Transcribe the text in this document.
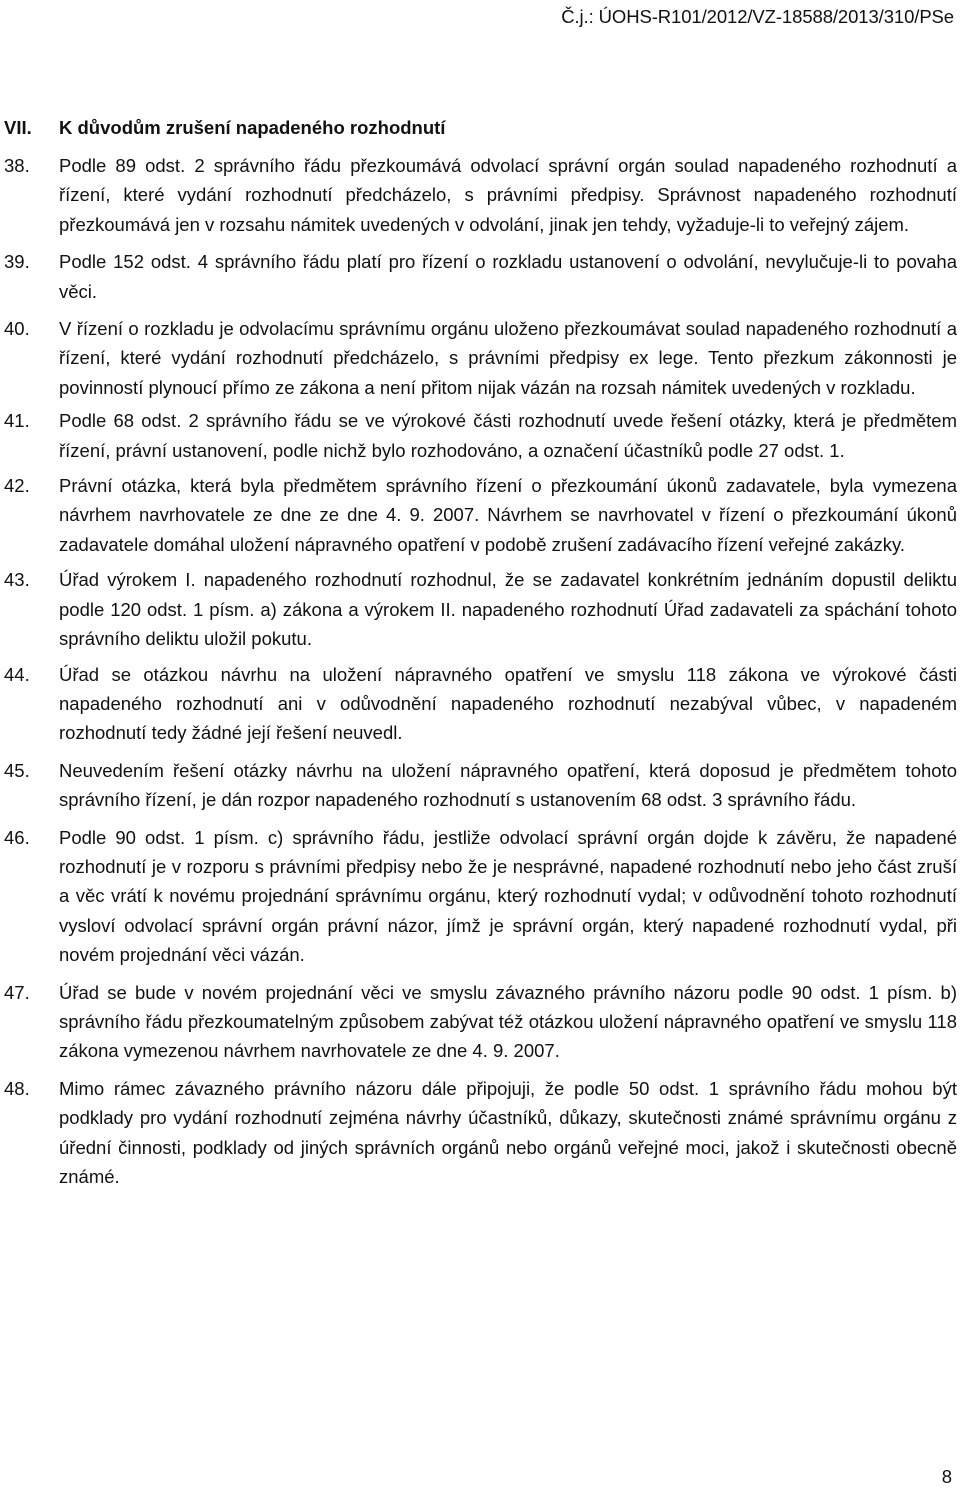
Č.j.: ÚOHS-R101/2012/VZ-18588/2013/310/PSe
VII. K důvodům zrušení napadeného rozhodnutí
38.	Podle 89 odst. 2 správního řádu přezkoumává odvolací správní orgán soulad napadeného rozhodnutí a řízení, které vydání rozhodnutí předcházelo, s právními předpisy. Správnost napadeného rozhodnutí přezkoumává jen v rozsahu námitek uvedených v odvolání, jinak jen tehdy, vyžaduje-li to veřejný zájem.
39.	Podle 152 odst. 4 správního řádu platí pro řízení o rozkladu ustanovení o odvolání, nevylučuje-li to povaha věci.
40.	V řízení o rozkladu je odvolacímu správnímu orgánu uloženo přezkoumávat soulad napadeného rozhodnutí a řízení, které vydání rozhodnutí předcházelo, s právními předpisy ex lege. Tento přezkum zákonnosti je povinností plynoucí přímo ze zákona a není přitom nijak vázán na rozsah námitek uvedených v rozkladu.
41.	Podle 68 odst. 2 správního řádu se ve výrokové části rozhodnutí uvede řešení otázky, která je předmětem řízení, právní ustanovení, podle nichž bylo rozhodováno, a označení účastníků podle 27 odst. 1.
42.	Právní otázka, která byla předmětem správního řízení o přezkoumání úkonů zadavatele, byla vymezena návrhem navrhovatele ze dne ze dne 4. 9. 2007. Návrhem se navrhovatel v řízení o přezkoumání úkonů zadavatele domáhal uložení nápravného opatření v podobě zrušení zadávacího řízení veřejné zakázky.
43.	Úřad výrokem I. napadeného rozhodnutí rozhodnul, že se zadavatel konkrétním jednáním dopustil deliktu podle 120 odst. 1 písm. a) zákona a výrokem II. napadeného rozhodnutí Úřad zadavateli za spáchání tohoto správního deliktu uložil pokutu.
44.	Úřad se otázkou návrhu na uložení nápravného opatření ve smyslu 118 zákona ve výrokové části napadeného rozhodnutí ani v odůvodnění napadeného rozhodnutí nezabýval vůbec, v napadeném rozhodnutí tedy žádné její řešení neuvedl.
45.	Neuvedením řešení otázky návrhu na uložení nápravného opatření, která doposud je předmětem tohoto správního řízení, je dán rozpor napadeného rozhodnutí s ustanovením 68 odst. 3 správního řádu.
46.	Podle 90 odst. 1 písm. c) správního řádu, jestliže odvolací správní orgán dojde k závěru, že napadené rozhodnutí je v rozporu s právními předpisy nebo že je nesprávné, napadené rozhodnutí nebo jeho část zruší a věc vrátí k novému projednání správnímu orgánu, který rozhodnutí vydal; v odůvodnění tohoto rozhodnutí vysloví odvolací správní orgán právní názor, jímž je správní orgán, který napadené rozhodnutí vydal, při novém projednání věci vázán.
47.	Úřad se bude v novém projednání věci ve smyslu závazného právního názoru podle 90 odst. 1 písm. b) správního řádu přezkoumatelným způsobem zabývat též otázkou uložení nápravného opatření ve smyslu 118 zákona vymezenou návrhem navrhovatele ze dne 4. 9. 2007.
48.	Mimo rámec závazného právního názoru dále připojuji, že podle 50 odst. 1 správního řádu mohou být podklady pro vydání rozhodnutí zejména návrhy účastníků, důkazy, skutečnosti známé správnímu orgánu z úřední činnosti, podklady od jiných správních orgánů nebo orgánů veřejné moci, jakož i skutečnosti obecně známé.
8
